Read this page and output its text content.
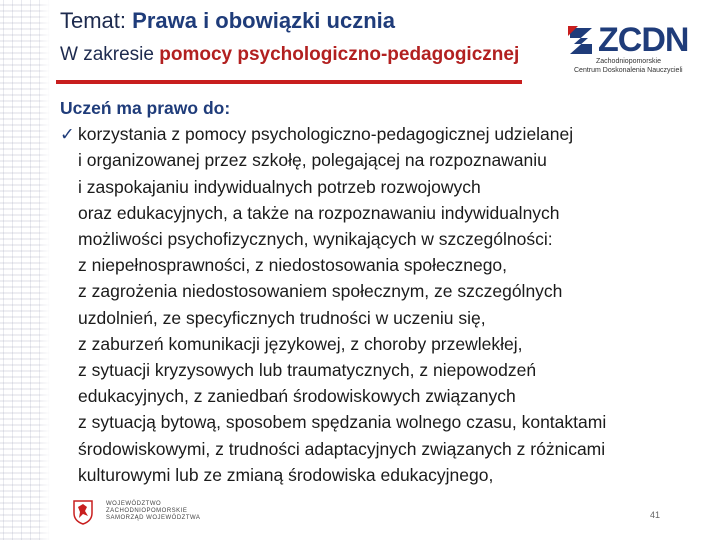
Temat: Prawa i obowiązki ucznia
W zakresie pomocy psychologiczno-pedagogicznej ZCDN
Zachodniopomorskie
Centrum Doskonalenia Nauczycieli
Uczeń ma prawo do:
✓ korzystania z pomocy psychologiczno-pedagogicznej udzielanej
i organizowanej przez szkołę, polegającej na rozpoznawaniu
i zaspokajaniu indywidualnych potrzeb rozwojowych
oraz edukacyjnych, a także na rozpoznawaniu indywidualnych
możliwości psychofizycznych, wynikających w szczególności:
z niepełnosprawności, z niedostosowania społecznego,
z zagrożenia niedostosowaniem społecznym, ze szczególnych
uzdolnień, ze specyficznych trudności w uczeniu się,
z zaburzeń komunikacji językowej, z choroby przewlekłej,
z sytuacji kryzysowych lub traumatycznych, z niepowodzeń
edukacyjnych, z zaniedbań środowiskowych związanych
z sytuacją bytową, sposobem spędzania wolnego czasu, kontaktami
środowiskowymi, z trudności adaptacyjnych związanych z różnicami
kulturowymi lub ze zmianą środowiska edukacyjnego,
WOJEWÓDZTWO ZACHODNIOPOMORSKIE
SAMORZĄD WOJEWÓDZTWA	41
